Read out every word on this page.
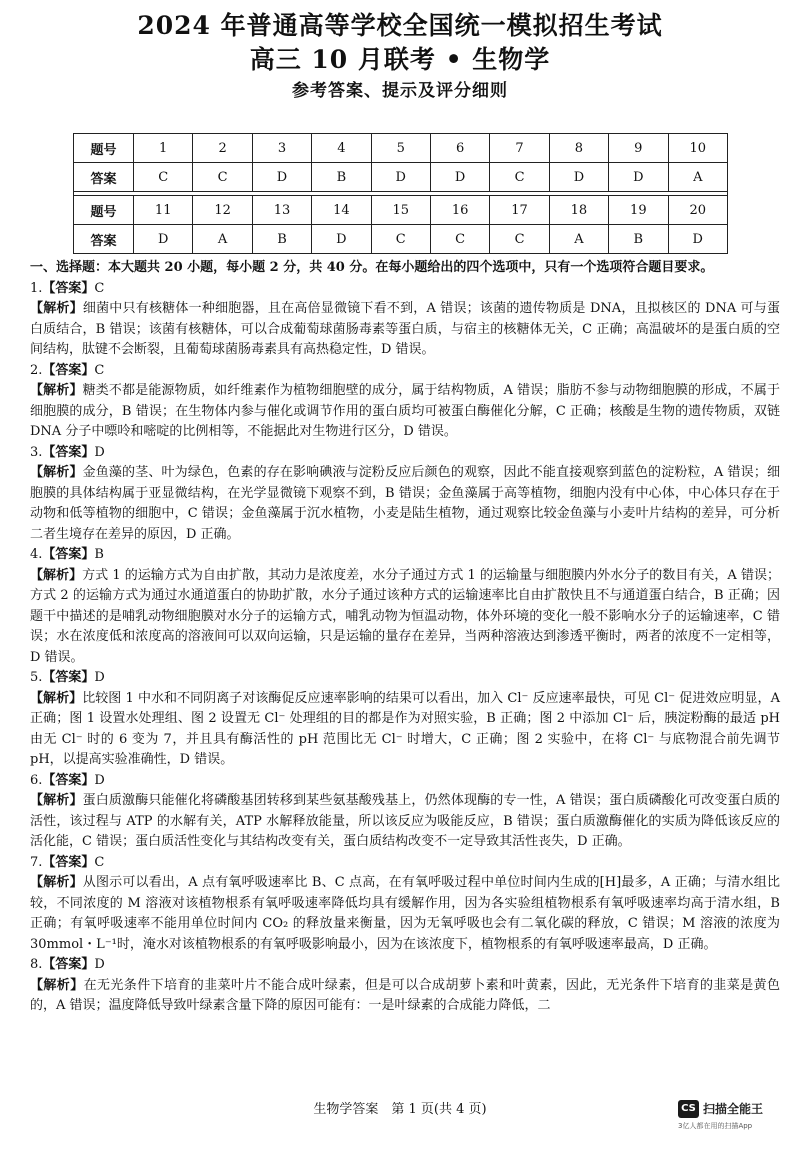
2024 年普通高等学校全国统一模拟招生考试
高三 10 月联考 • 生物学
参考答案、提示及评分细则
题号	1	2	3	4	5	6	7	8	9	10
答案	C	C	D	B	D	D	C	D	D	A

题号	11	12	13	14	15	16	17	18	19	20
答案	D	A	B	D	C	C	C	A	B	D
一、选择题：本大题共 20 小题，每小题 2 分，共 40 分。在每小题给出的四个选项中，只有一个选项符合题目要求。
1.【答案】C
【解析】细菌中只有核糖体一种细胞器，且在高倍显微镜下看不到，A 错误；该菌的遗传物质是 DNA，且拟核区的 DNA 可与蛋白质结合，B 错误；该菌有核糖体，可以合成葡萄球菌肠毒素等蛋白质，与宿主的核糖体无关，C 正确；高温破坏的是蛋白质的空间结构，肽键不会断裂，且葡萄球菌肠毒素具有高热稳定性，D 错误。
2.【答案】C
【解析】糖类不都是能源物质，如纤维素作为植物细胞壁的成分，属于结构物质，A 错误；脂肪不参与动物细胞膜的形成，不属于细胞膜的成分，B 错误；在生物体内参与催化或调节作用的蛋白质均可被蛋白酶催化分解，C 正确；核酸是生物的遗传物质，双链 DNA 分子中嘌呤和嘧啶的比例相等，不能据此对生物进行区分，D 错误。
3.【答案】D
【解析】金鱼藻的茎、叶为绿色，色素的存在影响碘液与淀粉反应后颜色的观察，因此不能直接观察到蓝色的淀粉粒，A 错误；细胞膜的具体结构属于亚显微结构，在光学显微镜下观察不到，B 错误；金鱼藻属于高等植物，细胞内没有中心体，中心体只存在于动物和低等植物的细胞中，C 错误；金鱼藻属于沉水植物，小麦是陆生植物，通过观察比较金鱼藻与小麦叶片结构的差异，可分析二者生境存在差异的原因，D 正确。
4.【答案】B
【解析】方式 1 的运输方式为自由扩散，其动力是浓度差，水分子通过方式 1 的运输量与细胞膜内外水分子的数目有关，A 错误；方式 2 的运输方式为通过水通道蛋白的协助扩散，水分子通过该种方式的运输速率比自由扩散快且不与通道蛋白结合，B 正确；因题干中描述的是哺乳动物细胞膜对水分子的运输方式，哺乳动物为恒温动物，体外环境的变化一般不影响水分子的运输速率，C 错误；水在浓度低和浓度高的溶液间可以双向运输，只是运输的量存在差异，当两种溶液达到渗透平衡时，两者的浓度不一定相等，D 错误。
5.【答案】D
【解析】比较图 1 中水和不同阴离子对该酶促反应速率影响的结果可以看出，加入 Cl⁻ 反应速率最快，可见 Cl⁻ 促进效应明显，A 正确；图 1 设置水处理组、图 2 设置无 Cl⁻ 处理组的目的都是作为对照实验，B 正确；图 2 中添加 Cl⁻ 后，胰淀粉酶的最适 pH 由无 Cl⁻ 时的 6 变为 7，并且具有酶活性的 pH 范围比无 Cl⁻ 时增大，C 正确；图 2 实验中，在将 Cl⁻ 与底物混合前先调节 pH，以提高实验准确性，D 错误。
6.【答案】D
【解析】蛋白质激酶只能催化将磷酸基团转移到某些氨基酸残基上，仍然体现酶的专一性，A 错误；蛋白质磷酸化可改变蛋白质的活性，该过程与 ATP 的水解有关，ATP 水解释放能量，所以该反应为吸能反应，B 错误；蛋白质激酶催化的实质为降低该反应的活化能，C 错误；蛋白质活性变化与其结构改变有关，蛋白质结构改变不一定导致其活性丧失，D 正确。
7.【答案】C
【解析】从图示可以看出，A 点有氧呼吸速率比 B、C 点高，在有氧呼吸过程中单位时间内生成的[H]最多，A 正确；与清水组比较，不同浓度的 M 溶液对该植物根系有氧呼吸速率降低均具有缓解作用，因为各实验组植物根系有氧呼吸速率均高于清水组，B 正确；有氧呼吸速率不能用单位时间内 CO₂ 的释放量来衡量，因为无氧呼吸也会有二氧化碳的释放，C 错误；M 溶液的浓度为 30mmol・L⁻¹时，淹水对该植物根系的有氧呼吸影响最小，因为在该浓度下，植物根系的有氧呼吸速率最高，D 正确。
8.【答案】D
【解析】在无光条件下培育的韭菜叶片不能合成叶绿素，但是可以合成胡萝卜素和叶黄素，因此，无光条件下培育的韭菜是黄色的，A 错误；温度降低导致叶绿素含量下降的原因可能有：一是叶绿素的合成能力降低，二
生物学答案　第 1 页(共 4 页)	CS 扫描全能王
3亿人都在用的扫描App
